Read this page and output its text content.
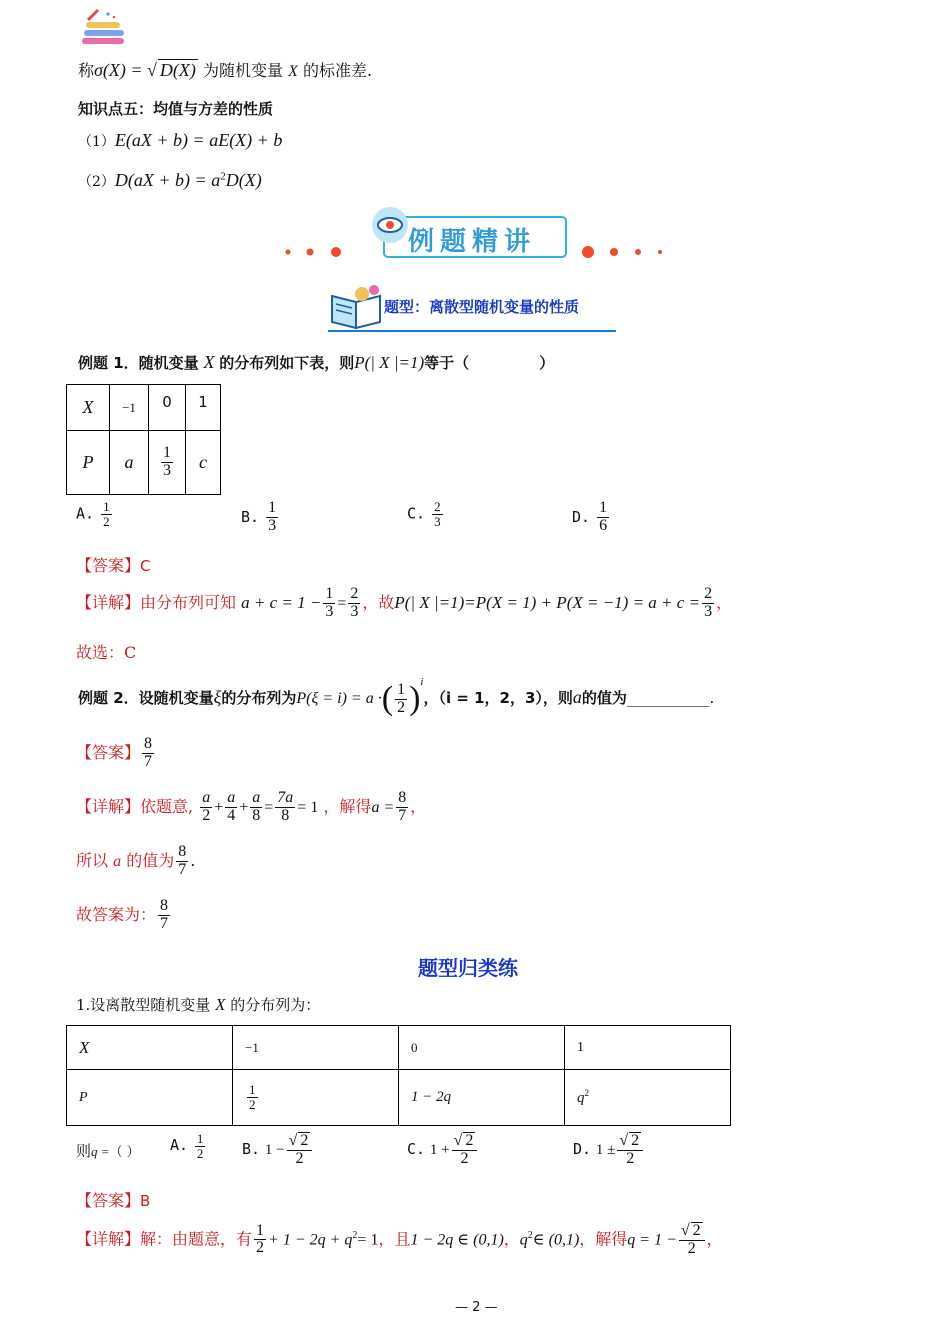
称σ(X) = √ D(X) 为随机变量 X 的标准差.
知识点五：均值与方差的性质
（1）E(aX + b) = aE(X) + b
$(2)D(aX + b) = a^2D(X)$
例题精讲
题型：离散型随机变量的性质
例题 1．随机变量 X 的分布列如下表，则P(| X |=1)等于（	）
X	−1	0	1
P	a	$\frac{1}{3}$	c
A. $\frac{1}{2}$	B. $\frac{1}{3}$	C. $\frac{2}{3}$	D. $\frac{1}{6}$
【答案】C
【详解】由分布列可知 $a + c = 1 - \frac{1}{3} = \frac{2}{3}$ ，故P(| X $|=1)=P(X = 1) + P(X = -1) = a + c = \frac{2}{3}$ ，
故选：C
例题 2．设随机变量ξ的分布列为P(ξ = i) = a ·( $\frac{1}{2} )^i$，（i = 1，2，3），则a的值为___________.
【答案】 $\frac{8}{7}$
【详解】依题意, $\frac{a}{2} + \frac{a}{4} + \frac{a}{8} = \frac{7a}{8} = 1$ ，解得$a = \frac{8}{7}$ ，
所以 a 的值为 $\frac{8}{7}$ .
故答案为： $\frac{8}{7}$
题型归类练
1.设离散型随机变量 X 的分布列为：
X	−1	0	1
P	$\frac{1}{2}$	1 − 2q	$q^2$
则q =（ ） A. $\frac{1}{2} B$. $1 - \frac{√ 2}{2}$	C. $1 + \frac{√ 2}{2}$	D. $1 \pm \frac{√ 2}{2}$
【答案】B
【详解】解：由题意，有 $\frac{1}{2} + 1 - 2q + q^2= 1$，且1 − 2q ∈ (0,1)，$q^2\in$ (0,1)，解得$q = 1 - \frac{√ 2}{2}$ ，
— 2 —
